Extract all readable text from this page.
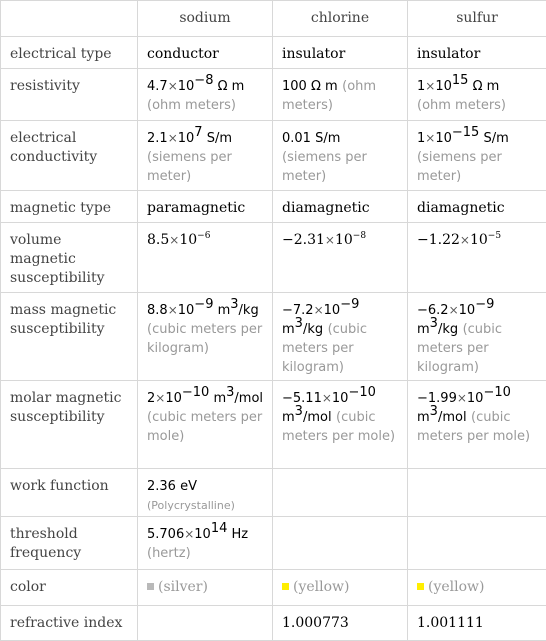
	sodium	chlorine	sulfur
electrical type	conductor	insulator	insulator
resistivity	$4.7\times 10^{-8}$ Ω m (ohm meters)	100 Ω m (ohm meters)	$1\times 10^{15}$ Ω m (ohm meters)
electrical conductivity	$2.1\times 10^7$ S/m (siemens per meter)	0.01 S/m (siemens per meter)	$1\times 10^{-15}$ S/m (siemens per meter)
magnetic type	paramagnetic	diamagnetic	diamagnetic
volume magnetic susceptibility	$8.5\times 10^{-6}$	$-2.31\times 10^{-8}$	$-1.22\times 10^{-5}$
mass magnetic susceptibility	$8.8\times 10^{-9}$ $m^3/kg$ (cubic meters per kilogram)	$-7.2\times 10^{-9}$ $m^3/kg$ (cubic meters per kilogram)	$-6.2\times 10^{-9}$ $m^3/kg$ (cubic meters per kilogram)
molar magnetic susceptibility	$2\times 10^{-10}$ $m^3$/mol (cubic meters per mole)	$-5.11\times 10^{-10}$ $m^3$/mol (cubic meters per mole)	$-1.99\times 10^{-10}$ $m^3$/mol (cubic meters per mole)
work function	2.36 eV
(Polycrystalline)		
threshold frequency	$5.706\times 10^{14}$ Hz
(hertz)		
color	(silver)	(yellow)	(yellow)
refractive index		1.000773	1.001111
